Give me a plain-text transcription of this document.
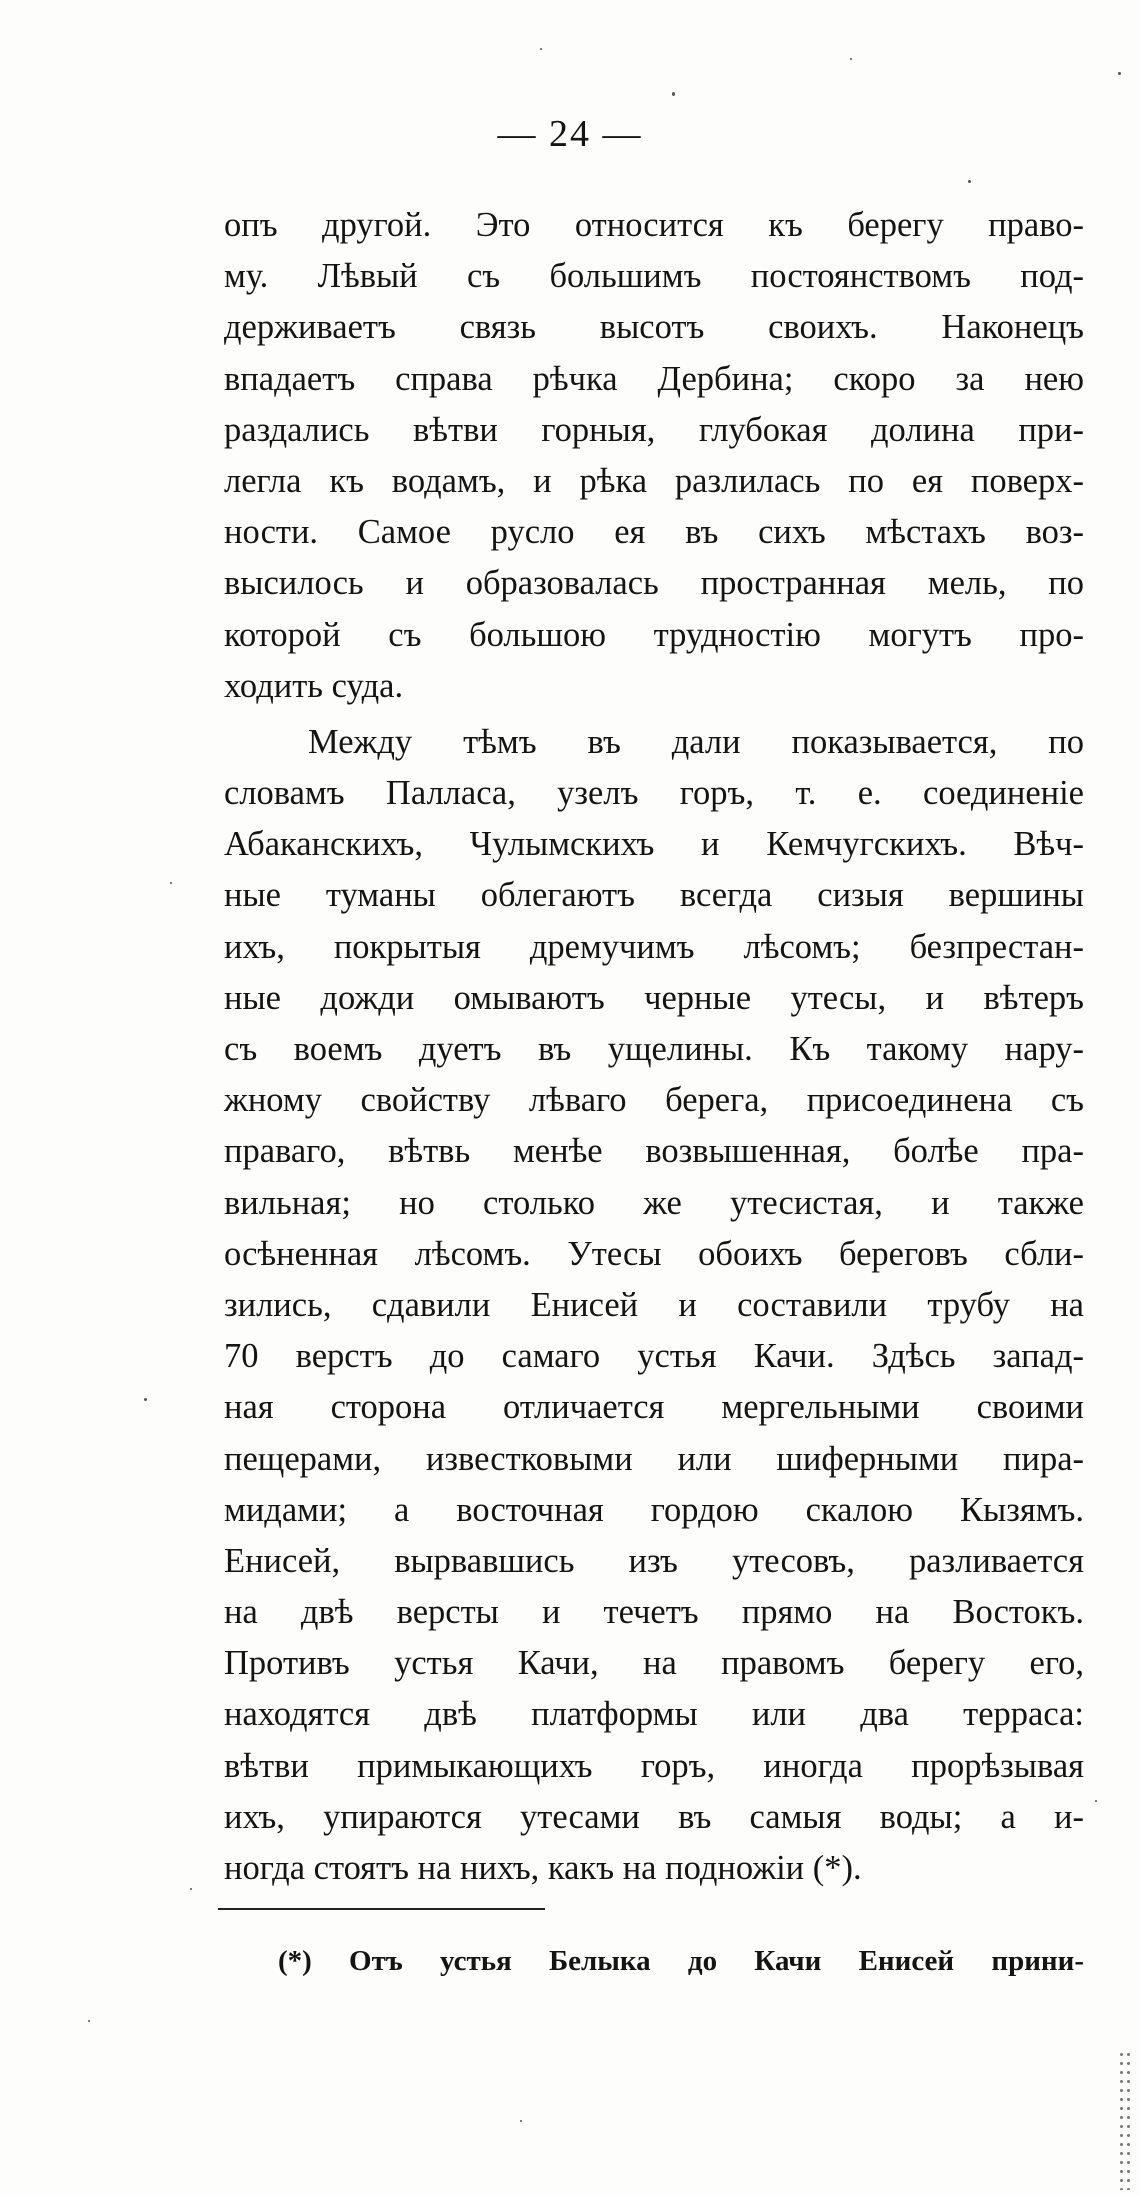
— 24 —
опъ другой. Это относится къ берегу право-
му. Лѣвый съ большимъ постоянствомъ под-
держиваетъ связь высотъ своихъ. Наконецъ
впадаетъ справа рѣчка Дербина; скоро за нею
раздались вѣтви горныя, глубокая долина при-
легла къ водамъ, и рѣка разлилась по ея поверх-
ности. Самое русло ея въ сихъ мѣстахъ воз-
высилось и образовалась пространная мель, по
которой съ большою трудностію могутъ про-
ходить суда.
Между тѣмъ въ дали показывается, по
словамъ Палласа, узелъ горъ, т. е. соединеніе
Абаканскихъ, Чулымскихъ и Кемчугскихъ. Вѣч-
ные туманы облегаютъ всегда сизыя вершины
ихъ, покрытыя дремучимъ лѣсомъ; безпрестан-
ные дожди омываютъ черные утесы, и вѣтеръ
съ воемъ дуетъ въ ущелины. Къ такому нару-
жному свойству лѣваго берега, присоединена съ
праваго, вѣтвь менѣе возвышенная, болѣе пра-
вильная; но столько же утесистая, и также
осѣненная лѣсомъ. Утесы обоихъ береговъ сбли-
зились, сдавили Енисей и составили трубу на
70 верстъ до самаго устья Качи. Здѣсь запад-
ная сторона отличается мергельными своими
пещерами, известковыми или шиферными пира-
мидами; а восточная гордою скалою Кызямъ.
Енисей, вырвавшись изъ утесовъ, разливается
на двѣ версты и течетъ прямо на Востокъ.
Противъ устья Качи, на правомъ берегу его,
находятся двѣ платформы или два терраса:
вѣтви примыкающихъ горъ, иногда прорѣзывая
ихъ, упираются утесами въ самыя воды; а и-
ногда стоятъ на нихъ, какъ на подножіи (*).
(*) Отъ устья Белыка до Качи Енисей прини-
